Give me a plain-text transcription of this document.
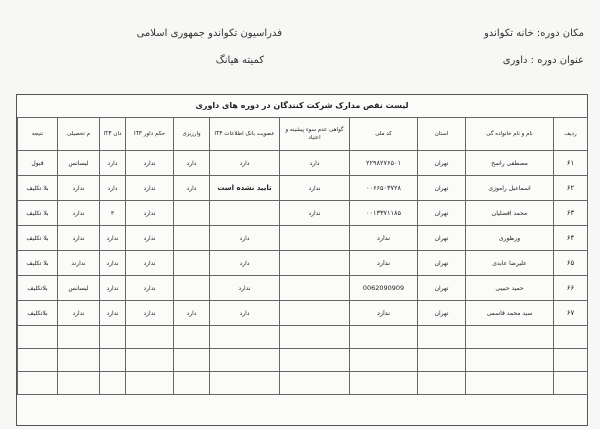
فدراسیون تکواندو جمهوری اسلامی
کمیته هیانگ
مکان دوره: خانه تکواندو
عنوان دوره : داوری
لیست نقص مدارک شرکت کنندگان در دوره های داوری
ردیف	نام و نام خانواده گی	استان	کد ملی	گواهی عدم سوء پیشینه و اعتیاد	عضویت بانک اطلاعات ITF	وارزیزی	حکم داور ITF	دان ITF	م تحصیلی	نتیجه
۶۱	مصطفی راسخ	تهران	۲۲۹۸۲۷۶۵۰۱	دارد	دارد	دارد	ندارد	دارد	لیسانس	قبول
۶۲	اسماعیل راموزی	تهران	۰۰۶۶۵۰۳۷۲۸	ندارد	تایید نشده است	دارد	ندارد	دارد	ندارد	بلا تکلیف
۶۳	محمد افضلیان	تهران	۰۰۱۳۳۷۱۱۸۵	ندارد			ندارد	۳	ندارد	بلا تکلیف
۶۴	ورظوری	تهران	ندارد		دارد		ندارد	ندارد	ندارد	بلا تکلیف
۶۵	علیرضا عابدی	تهران	ندارد		دارد		ندارد	ندارد	ندارند	بلا تکلیف
۶۶	حمید حبیبی	تهران	0062090909		ندارد		ندارد	ندارد	لیسانس	بلاتکلیف
۶۷	سید محمد قاسمی	تهران	ندارد		دارد	دارد	ندارد	ندارد	ندارد	بلاتکلیف
